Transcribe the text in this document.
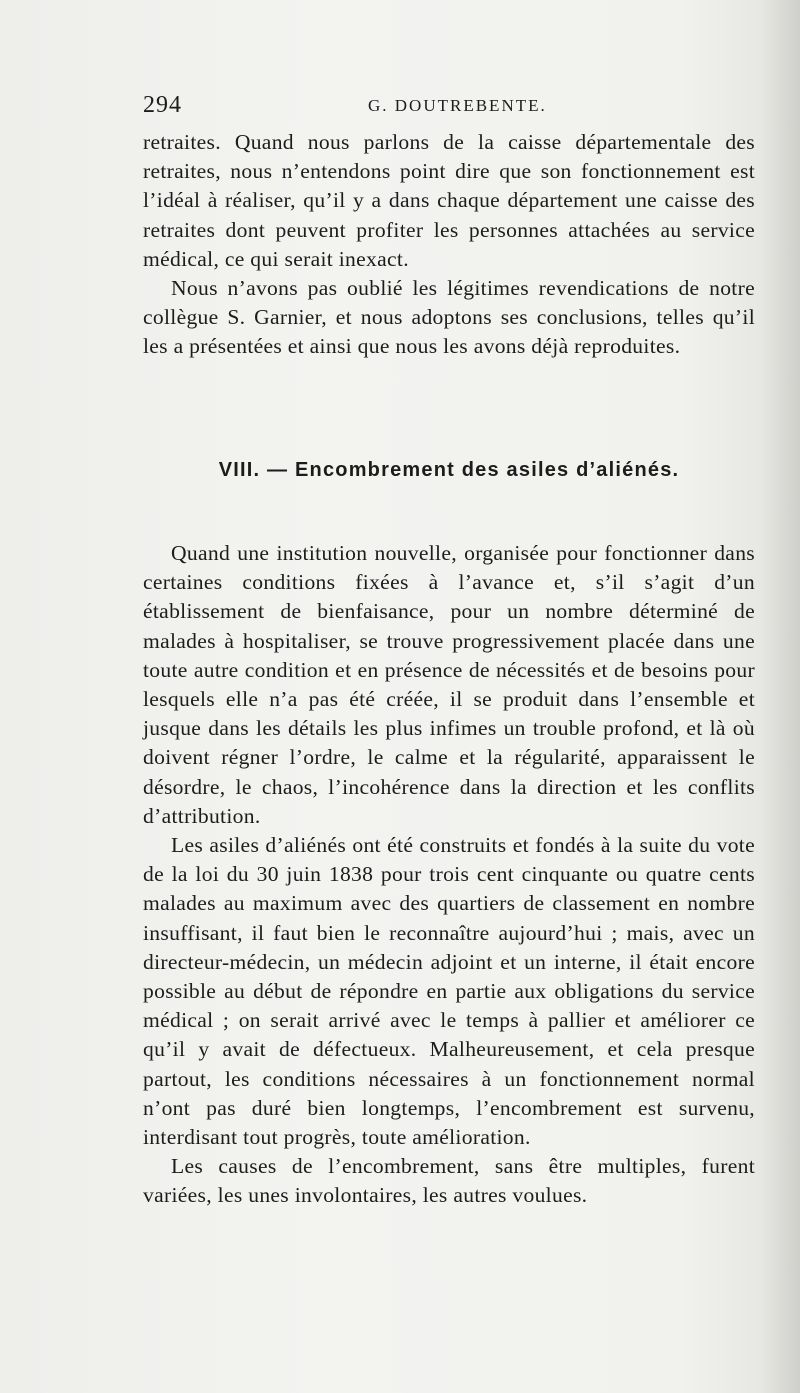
294	G. DOUTREBENTE.

retraites. Quand nous parlons de la caisse départementale des retraites, nous n’entendons point dire que son fonctionnement est l’idéal à réaliser, qu’il y a dans chaque département une caisse des retraites dont peuvent profiter les personnes attachées au service médical, ce qui serait inexact.

Nous n’avons pas oublié les légitimes revendications de notre collègue S. Garnier, et nous adoptons ses conclusions, telles qu’il les a présentées et ainsi que nous les avons déjà reproduites.

VIII. — Encombrement des asiles d’aliénés.

Quand une institution nouvelle, organisée pour fonctionner dans certaines conditions fixées à l’avance et, s’il s’agit d’un établissement de bienfaisance, pour un nombre déterminé de malades à hospitaliser, se trouve progressivement placée dans une toute autre condition et en présence de nécessités et de besoins pour lesquels elle n’a pas été créée, il se produit dans l’ensemble et jusque dans les détails les plus infimes un trouble profond, et là où doivent régner l’ordre, le calme et la régularité, apparaissent le désordre, le chaos, l’incohérence dans la direction et les conflits d’attribution.

Les asiles d’aliénés ont été construits et fondés à la suite du vote de la loi du 30 juin 1838 pour trois cent cinquante ou quatre cents malades au maximum avec des quartiers de classement en nombre insuffisant, il faut bien le reconnaître aujourd’hui ; mais, avec un directeur-médecin, un médecin adjoint et un interne, il était encore possible au début de répondre en partie aux obligations du service médical ; on serait arrivé avec le temps à pallier et améliorer ce qu’il y avait de défectueux. Malheureusement, et cela presque partout, les conditions nécessaires à un fonctionnement normal n’ont pas duré bien longtemps, l’encombrement est survenu, interdisant tout progrès, toute amélioration.

Les causes de l’encombrement, sans être multiples, furent variées, les unes involontaires, les autres voulues.
